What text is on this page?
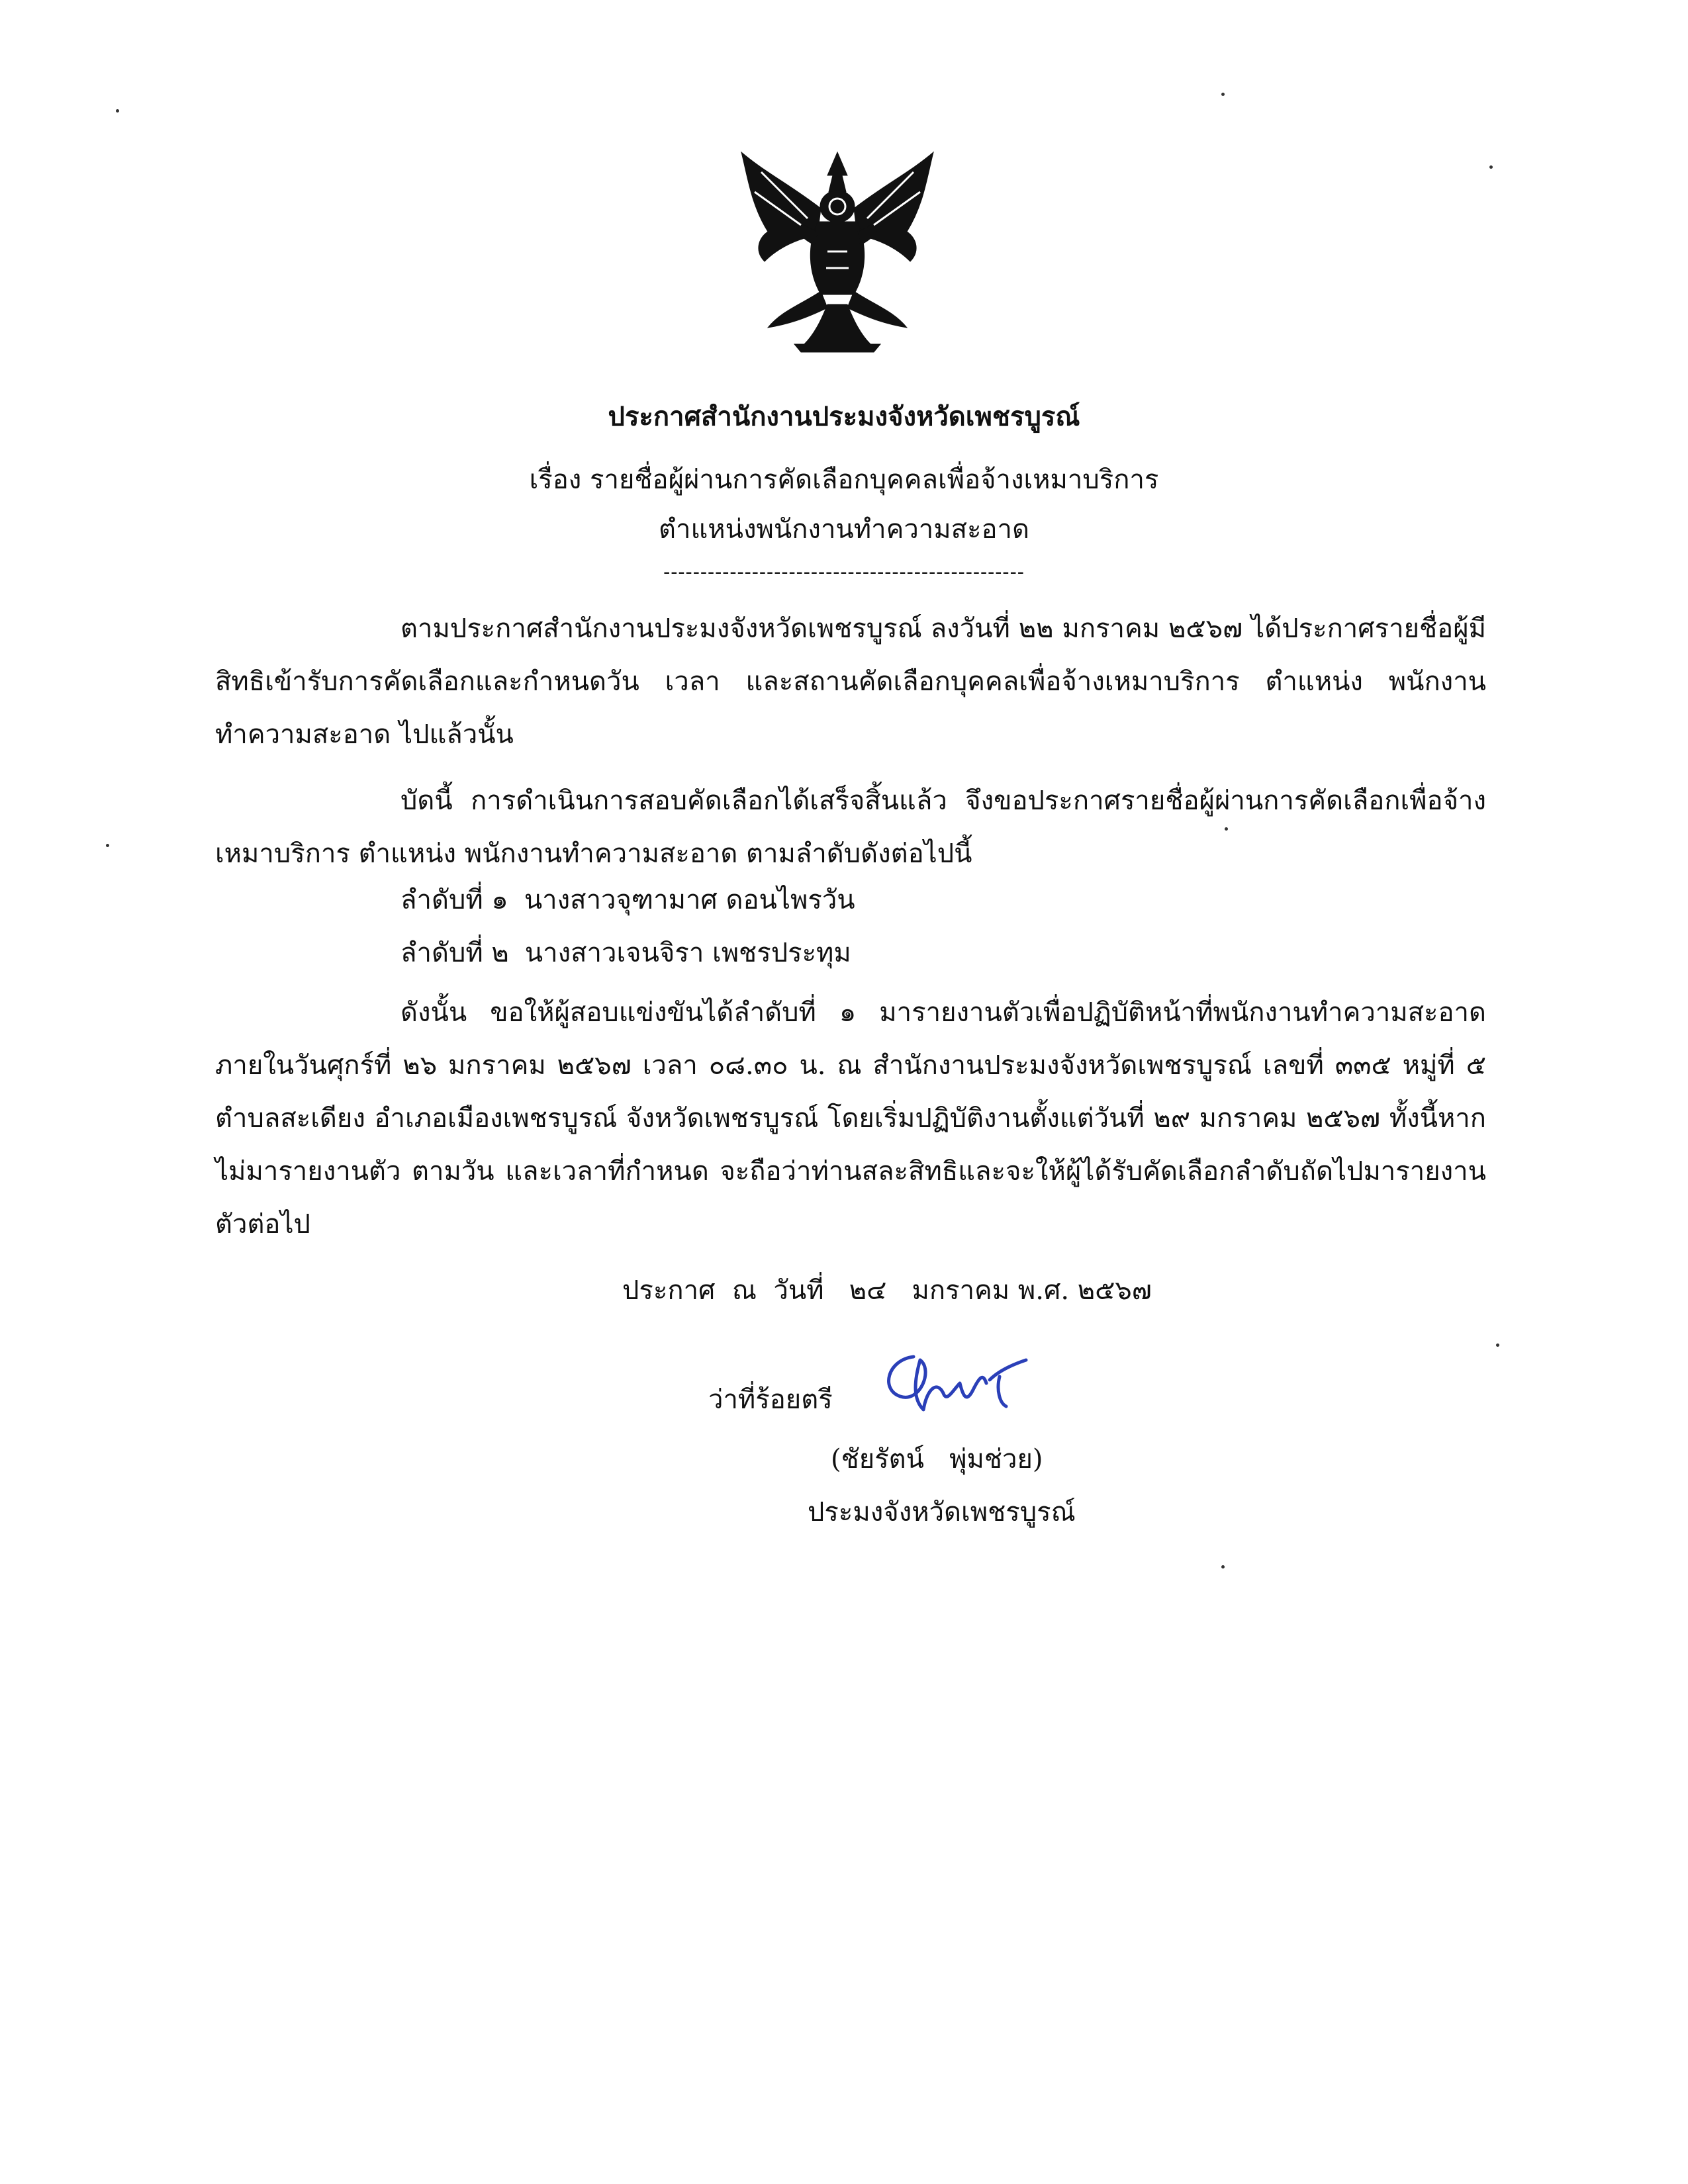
ประกาศสำนักงานประมงจังหวัดเพชรบูรณ์
เรื่อง รายชื่อผู้ผ่านการคัดเลือกบุคคลเพื่อจ้างเหมาบริการ
ตำแหน่งพนักงานทำความสะอาด
-------------------------------------------------

ตามประกาศสำนักงานประมงจังหวัดเพชรบูรณ์ ลงวันที่ ๒๒ มกราคม ๒๕๖๗ ได้ประกาศรายชื่อผู้มีสิทธิเข้ารับการคัดเลือกและกำหนดวัน เวลา และสถานคัดเลือกบุคคลเพื่อจ้างเหมาบริการ ตำแหน่ง พนักงานทำความสะอาด ไปแล้วนั้น

บัดนี้ การดำเนินการสอบคัดเลือกได้เสร็จสิ้นแล้ว จึงขอประกาศรายชื่อผู้ผ่านการคัดเลือกเพื่อจ้างเหมาบริการ ตำแหน่ง พนักงานทำความสะอาด ตามลำดับดังต่อไปนี้

ลำดับที่ ๑ นางสาวจุฑามาศ ดอนไพรวัน
ลำดับที่ ๒ นางสาวเจนจิรา เพชรประทุม

ดังนั้น ขอให้ผู้สอบแข่งขันได้ลำดับที่ ๑ มารายงานตัวเพื่อปฏิบัติหน้าที่พนักงานทำความสะอาด ภายในวันศุกร์ที่ ๒๖ มกราคม ๒๕๖๗ เวลา ๐๘.๓๐ น. ณ สำนักงานประมงจังหวัดเพชรบูรณ์ เลขที่ ๓๓๕ หมู่ที่ ๕ ตำบลสะเดียง อำเภอเมืองเพชรบูรณ์ จังหวัดเพชรบูรณ์ โดยเริ่มปฏิบัติงานตั้งแต่วันที่ ๒๙ มกราคม ๒๕๖๗ ทั้งนี้หากไม่มารายงานตัว ตามวัน และเวลาที่กำหนด จะถือว่าท่านสละสิทธิและจะให้ผู้ได้รับคัดเลือกลำดับถัดไปมารายงานตัวต่อไป

ประกาศ  ณ  วันที่   ๒๔   มกราคม พ.ศ. ๒๕๖๗
ว่าที่ร้อยตรี
(ชัยรัตน์   พุ่มช่วย)
ประมงจังหวัดเพชรบูรณ์
